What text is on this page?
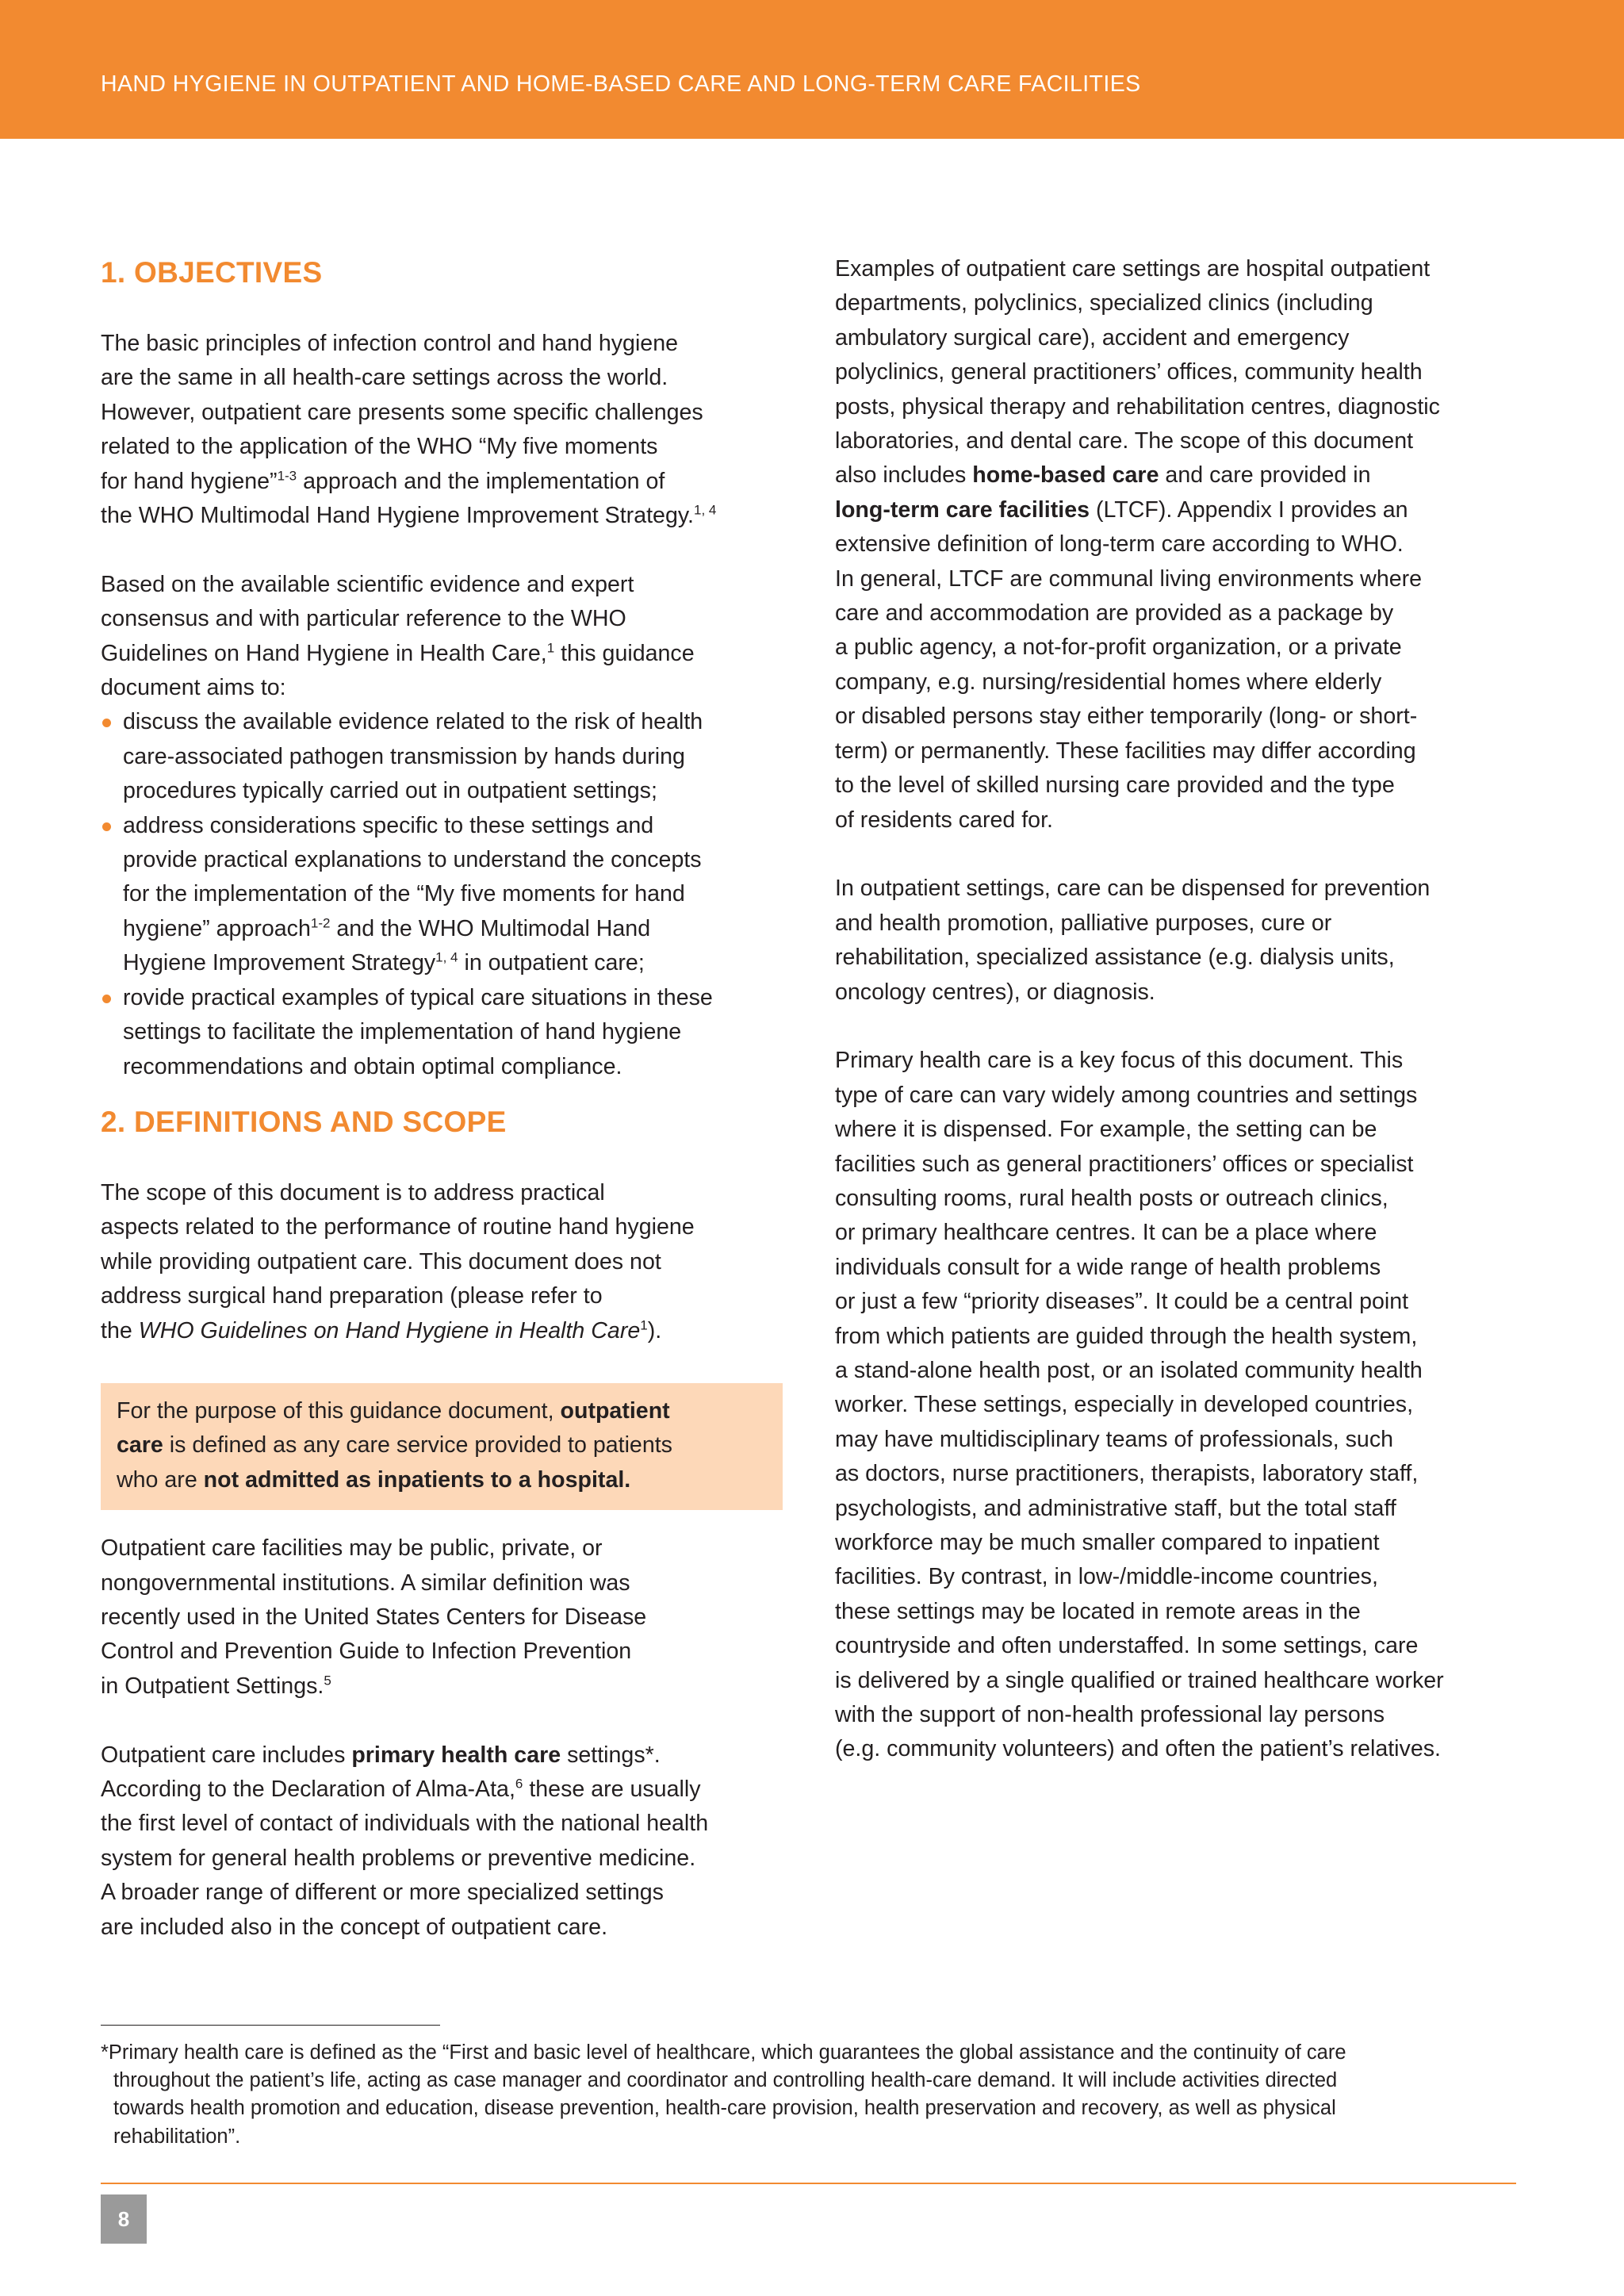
HAND HYGIENE IN OUTPATIENT AND HOME-BASED CARE AND LONG-TERM CARE FACILITIES
1. OBJECTIVES

The basic principles of infection control and hand hygiene
are the same in all health-care settings across the world.
However, outpatient care presents some specific challenges
related to the application of the WHO “My five moments
for hand hygiene”$^{1-3}$ approach and the implementation of
the WHO Multimodal Hand Hygiene Improvement Strategy.$^{1, 4}$

Based on the available scientific evidence and expert
consensus and with particular reference to the WHO
Guidelines on Hand Hygiene in Health Care,$^1$ this guidance
document aims to:

discuss the available evidence related to the risk of health
care-associated pathogen transmission by hands during
procedures typically carried out in outpatient settings;
address considerations specific to these settings and
provide practical explanations to understand the concepts
for the implementation of the “My five moments for hand
hygiene” approach$^{1-2}$ and the WHO Multimodal Hand
Hygiene Improvement Strategy$^{1, 4}$ in outpatient care;
rovide practical examples of typical care situations in these
settings to facilitate the implementation of hand hygiene
recommendations and obtain optimal compliance.
2. DEFINITIONS AND SCOPE

The scope of this document is to address practical
aspects related to the performance of routine hand hygiene
while providing outpatient care. This document does not
address surgical hand preparation (please refer to
the WHO Guidelines on Hand Hygiene in Health Care$^1$).

For the purpose of this guidance document, outpatient
care is defined as any care service provided to patients
who are not admitted as inpatients to a hospital.

Outpatient care facilities may be public, private, or
nongovernmental institutions. A similar definition was
recently used in the United States Centers for Disease
Control and Prevention Guide to Infection Prevention
in Outpatient Settings.$^5$

Outpatient care includes primary health care settings*.
According to the Declaration of Alma-Ata,$^6$ these are usually
the first level of contact of individuals with the national health
system for general health problems or preventive medicine.
A broader range of different or more specialized settings
are included also in the concept of outpatient care.

Examples of outpatient care settings are hospital outpatient
departments, polyclinics, specialized clinics (including
ambulatory surgical care), accident and emergency
polyclinics, general practitioners’ offices, community health
posts, physical therapy and rehabilitation centres, diagnostic
laboratories, and dental care. The scope of this document
also includes home-based care and care provided in
long-term care facilities (LTCF). Appendix I provides an
extensive definition of long-term care according to WHO.
In general, LTCF are communal living environments where
care and accommodation are provided as a package by
a public agency, a not-for-profit organization, or a private
company, e.g. nursing/residential homes where elderly
or disabled persons stay either temporarily (long- or short-
term) or permanently. These facilities may differ according
to the level of skilled nursing care provided and the type
of residents cared for.

In outpatient settings, care can be dispensed for prevention
and health promotion, palliative purposes, cure or
rehabilitation, specialized assistance (e.g. dialysis units,
oncology centres), or diagnosis.

Primary health care is a key focus of this document. This
type of care can vary widely among countries and settings
where it is dispensed. For example, the setting can be
facilities such as general practitioners’ offices or specialist
consulting rooms, rural health posts or outreach clinics,
or primary healthcare centres. It can be a place where
individuals consult for a wide range of health problems
or just a few “priority diseases”. It could be a central point
from which patients are guided through the health system,
a stand-alone health post, or an isolated community health
worker. These settings, especially in developed countries,
may have multidisciplinary teams of professionals, such
as doctors, nurse practitioners, therapists, laboratory staff,
psychologists, and administrative staff, but the total staff
workforce may be much smaller compared to inpatient
facilities. By contrast, in low-/middle-income countries,
these settings may be located in remote areas in the
countryside and often understaffed. In some settings, care
is delivered by a single qualified or trained healthcare worker
with the support of non-health professional lay persons
(e.g. community volunteers) and often the patient’s relatives.

*Primary health care is defined as the “First and basic level of healthcare, which guarantees the global assistance and the continuity of care
throughout the patient’s life, acting as case manager and coordinator and controlling health-care demand. It will include activities directed
towards health promotion and education, disease prevention, health-care provision, health preservation and recovery, as well as physical
rehabilitation”.
8
